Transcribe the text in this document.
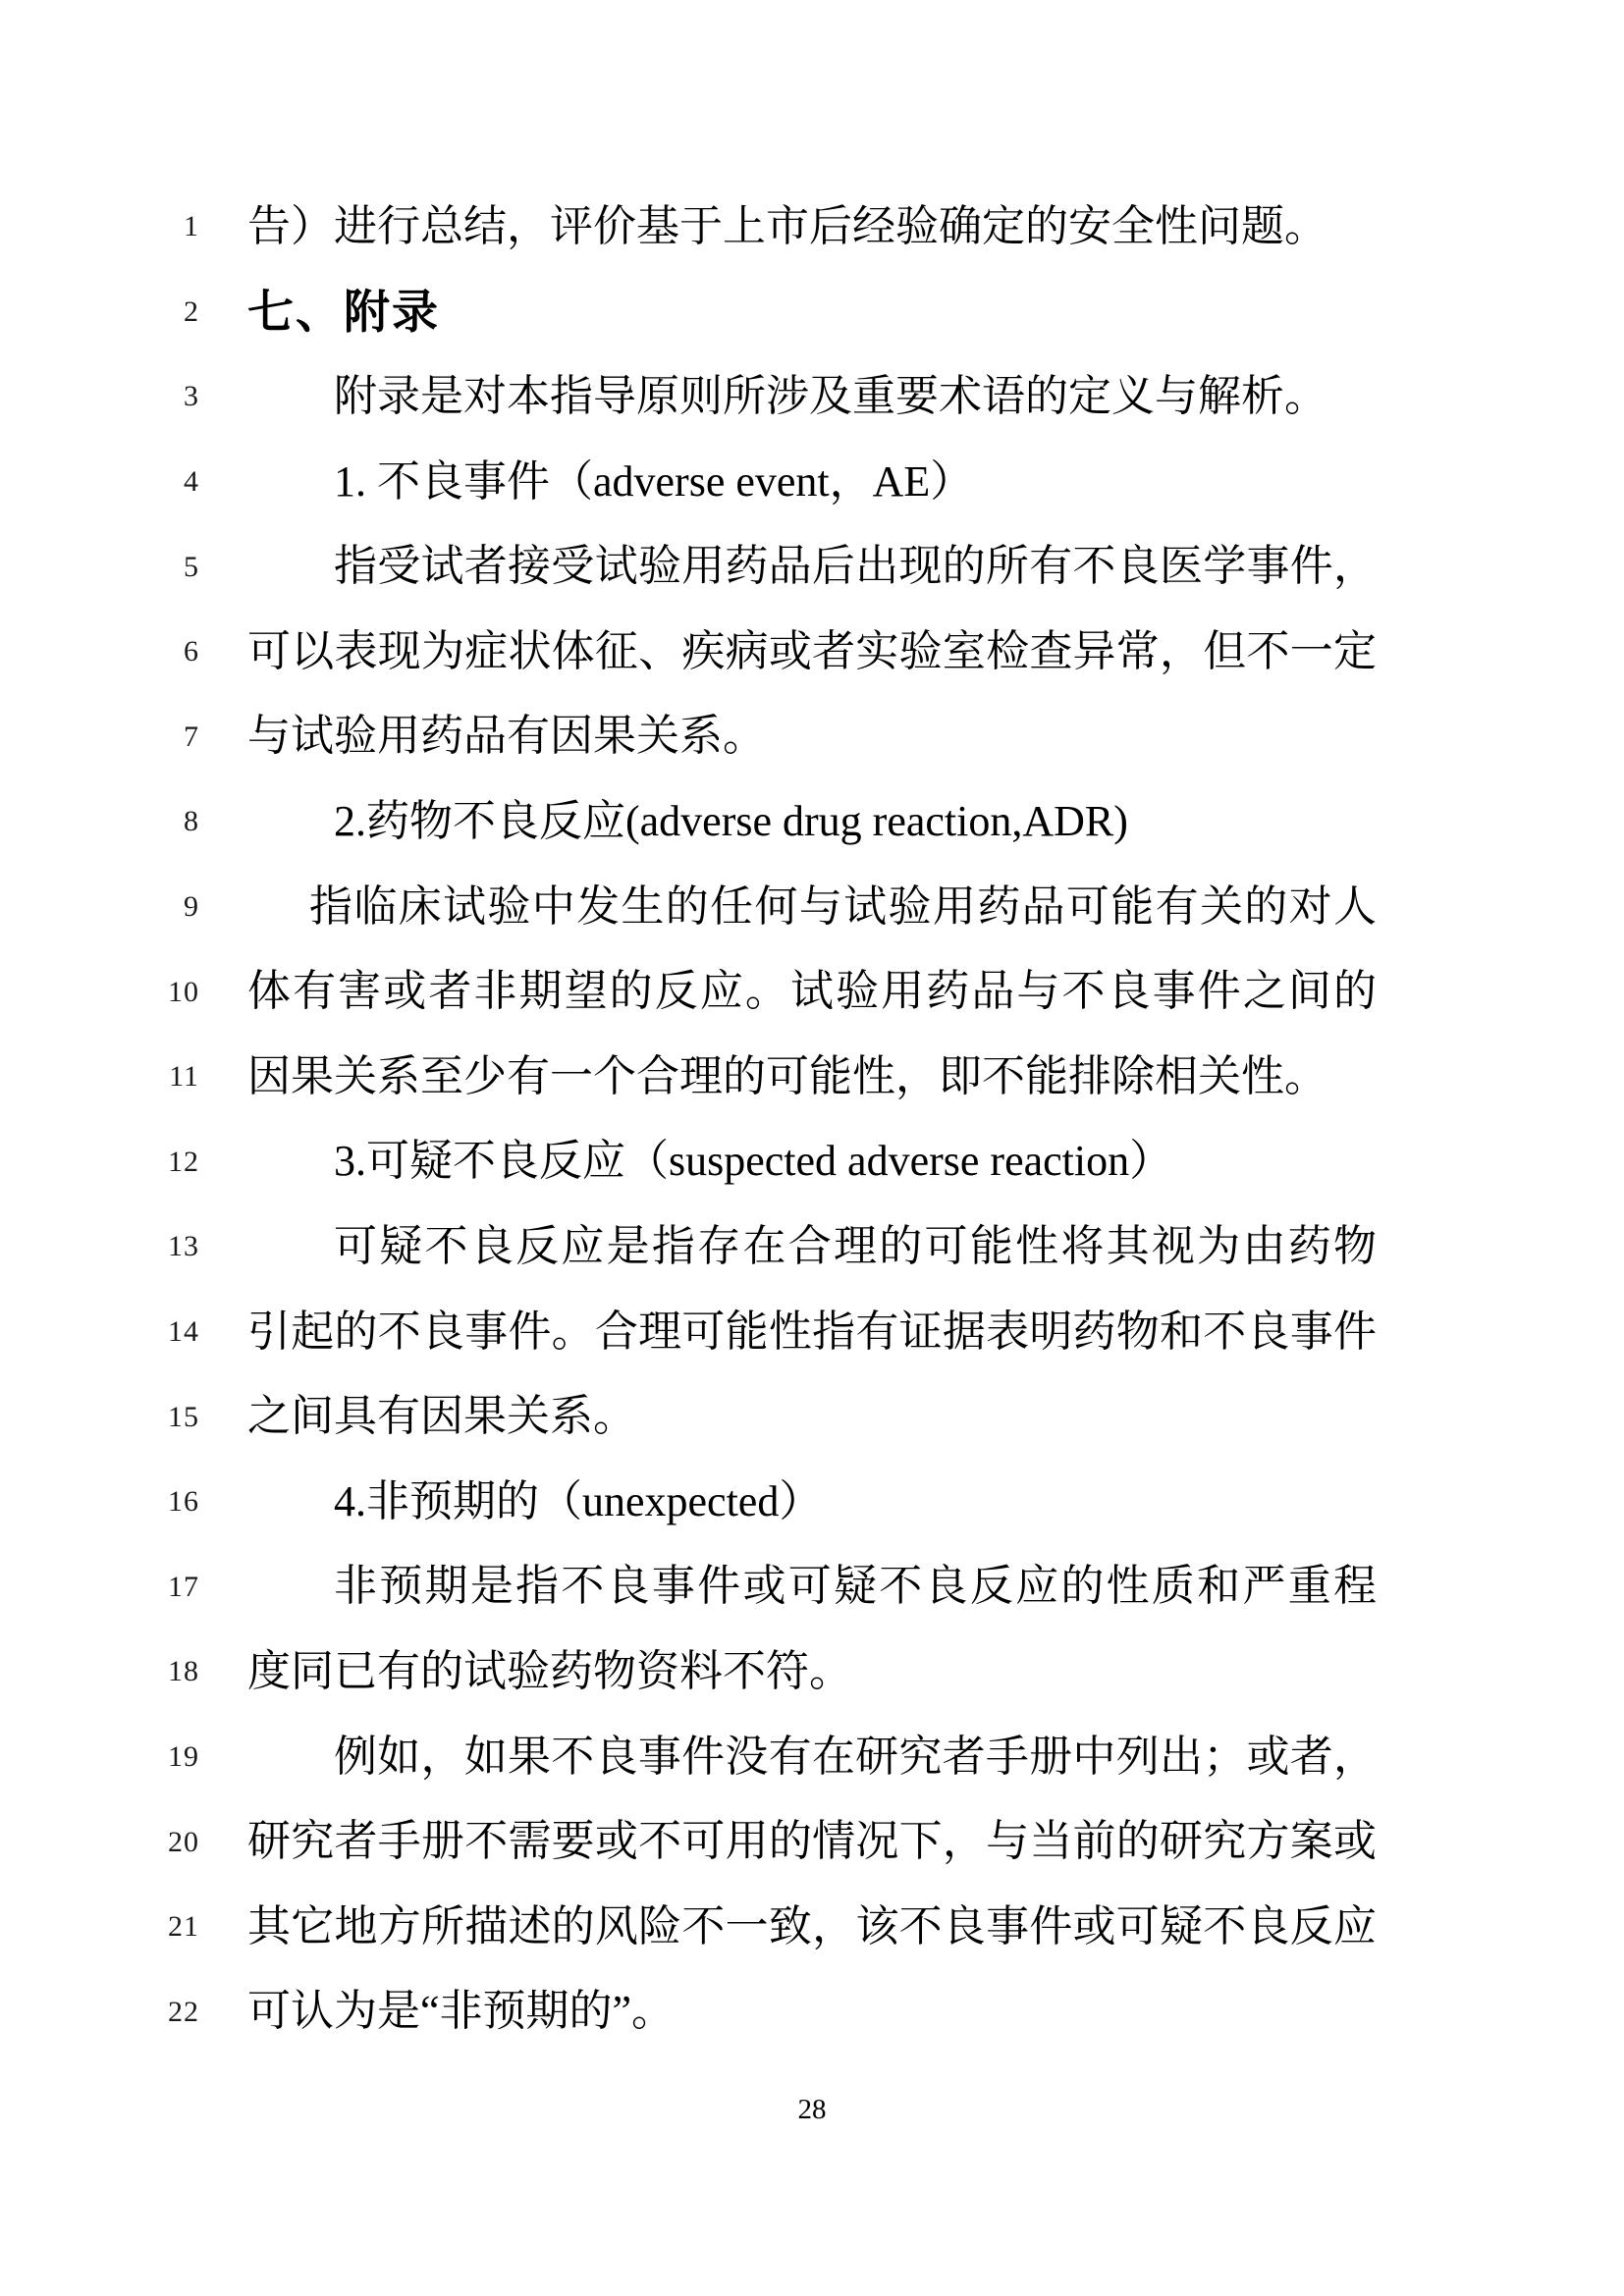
1 告）进行总结，评价基于上市后经验确定的安全性问题。
2 七、附录
3	附录是对本指导原则所涉及重要术语的定义与解析。
4	1. 不良事件（adverse event，AE）
5	指受试者接受试验用药品后出现的所有不良医学事件，
6 可以表现为症状体征、疾病或者实验室检查异常，但不一定
7 与试验用药品有因果关系。
8	2.药物不良反应(adverse drug reaction,ADR)
9	指临床试验中发生的任何与试验用药品可能有关的对人
10 体有害或者非期望的反应。试验用药品与不良事件之间的
11 因果关系至少有一个合理的可能性，即不能排除相关性。
12	3.可疑不良反应（suspected adverse reaction）
13	可疑不良反应是指存在合理的可能性将其视为由药物
14 引起的不良事件。合理可能性指有证据表明药物和不良事件
15 之间具有因果关系。
16	4.非预期的（unexpected）
17	非预期是指不良事件或可疑不良反应的性质和严重程
18 度同已有的试验药物资料不符。
19	例如，如果不良事件没有在研究者手册中列出；或者，
20 研究者手册不需要或不可用的情况下，与当前的研究方案或
21 其它地方所描述的风险不一致，该不良事件或可疑不良反应
22 可认为是“非预期的”。
28
